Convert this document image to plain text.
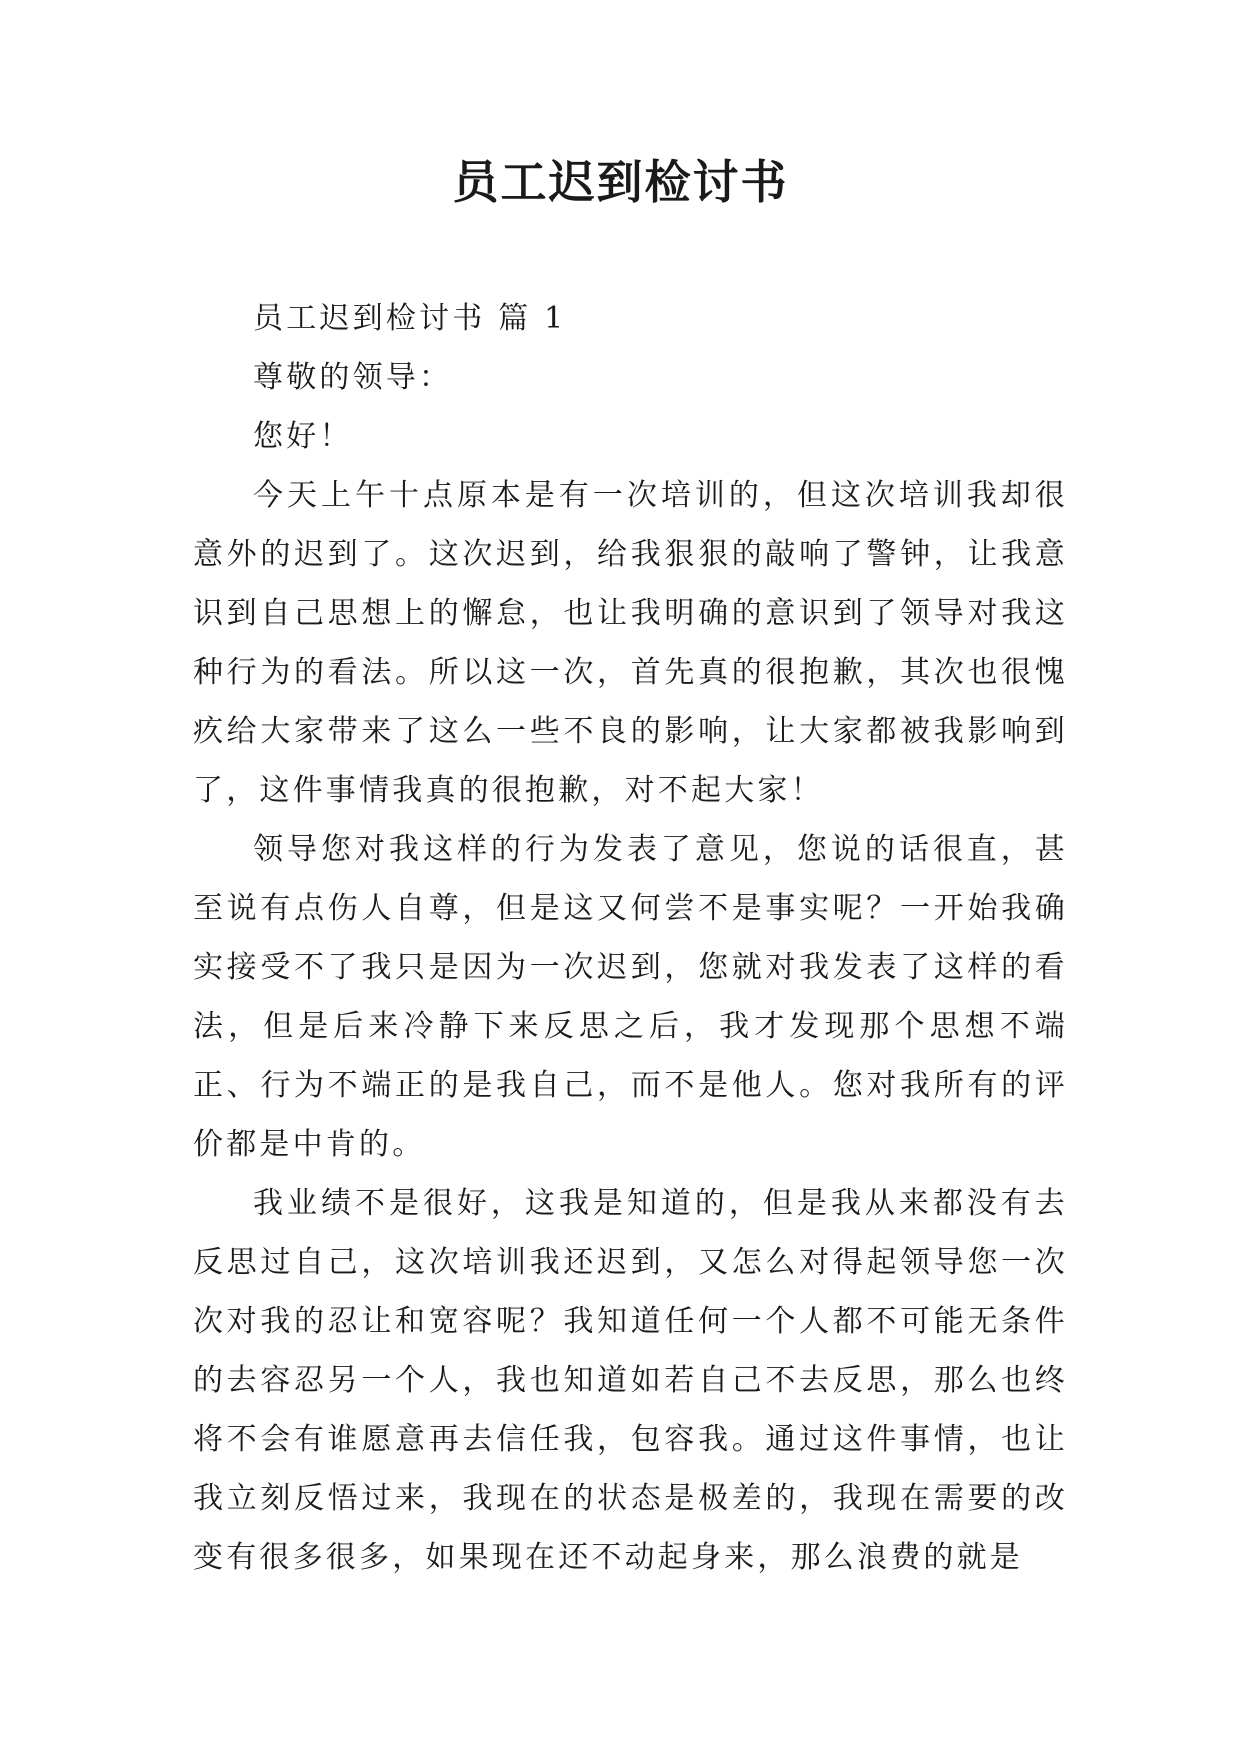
员工迟到检讨书

员工迟到检讨书 篇 1

尊敬的领导：

您好！

今天上午十点原本是有一次培训的，但这次培训我却很意外的迟到了。这次迟到，给我狠狠的敲响了警钟，让我意识到自己思想上的懈怠，也让我明确的意识到了领导对我这种行为的看法。所以这一次，首先真的很抱歉，其次也很愧疚给大家带来了这么一些不良的影响，让大家都被我影响到了，这件事情我真的很抱歉，对不起大家！

领导您对我这样的行为发表了意见，您说的话很直，甚至说有点伤人自尊，但是这又何尝不是事实呢？一开始我确实接受不了我只是因为一次迟到，您就对我发表了这样的看法，但是后来冷静下来反思之后，我才发现那个思想不端正、行为不端正的是我自己，而不是他人。您对我所有的评价都是中肯的。

我业绩不是很好，这我是知道的，但是我从来都没有去反思过自己，这次培训我还迟到，又怎么对得起领导您一次次对我的忍让和宽容呢？我知道任何一个人都不可能无条件的去容忍另一个人，我也知道如若自己不去反思，那么也终将不会有谁愿意再去信任我，包容我。通过这件事情，也让我立刻反悟过来，我现在的状态是极差的，我现在需要的改变有很多很多，如果现在还不动起身来，那么浪费的就是
